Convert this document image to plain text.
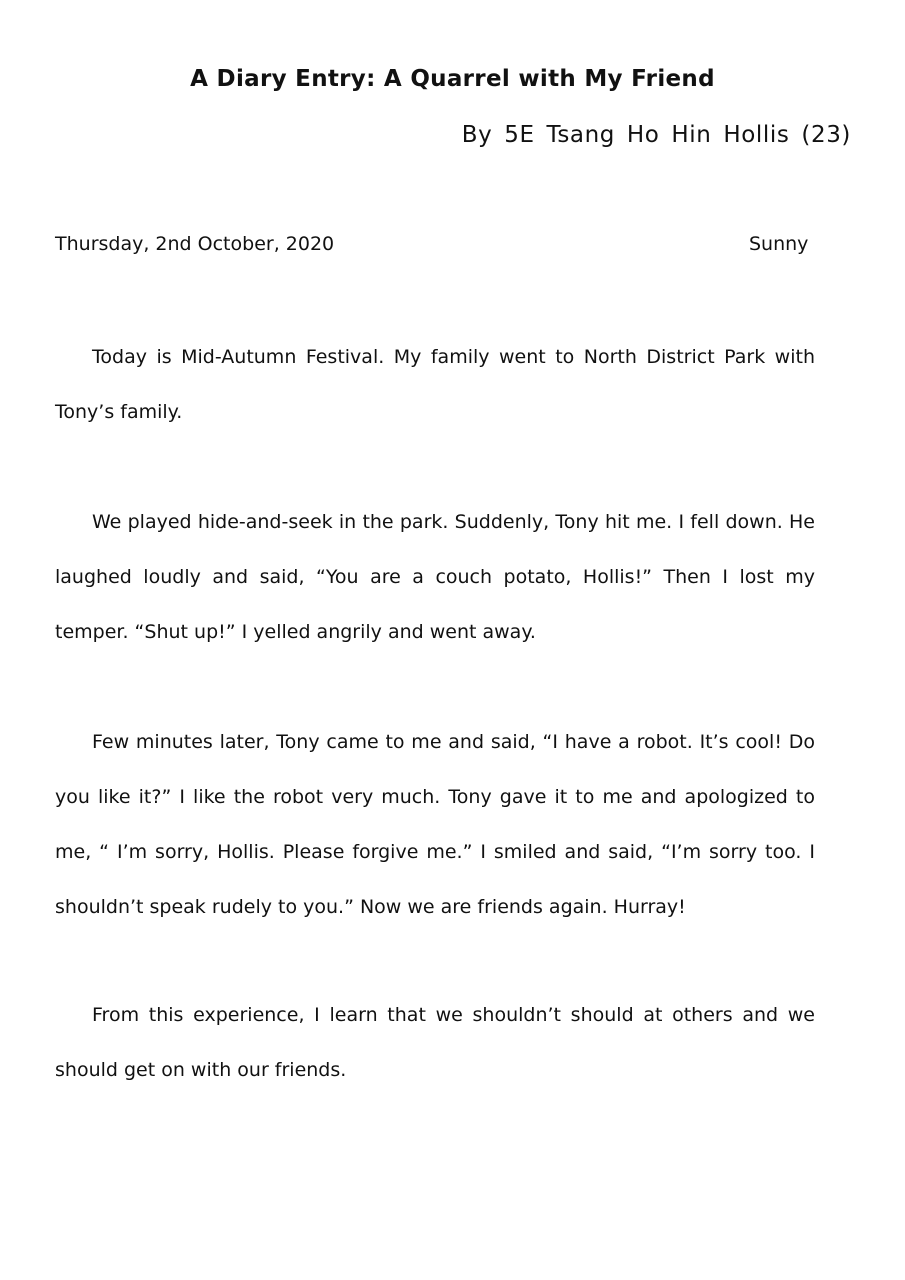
A Diary Entry: A Quarrel with My Friend
By 5E Tsang Ho Hin Hollis (23)
Thursday, 2nd October, 2020	Sunny

Today is Mid-Autumn Festival. My family went to North District Park with Tony’s family.

We played hide-and-seek in the park. Suddenly, Tony hit me. I fell down. He laughed loudly and said, “You are a couch potato, Hollis!” Then I lost my temper. “Shut up!” I yelled angrily and went away.

Few minutes later, Tony came to me and said, “I have a robot. It’s cool! Do you like it?” I like the robot very much. Tony gave it to me and apologized to me, “ I’m sorry, Hollis. Please forgive me.” I smiled and said, “I’m sorry too. I shouldn’t speak rudely to you.” Now we are friends again. Hurray!

From this experience, I learn that we shouldn’t should at others and we should get on with our friends.
